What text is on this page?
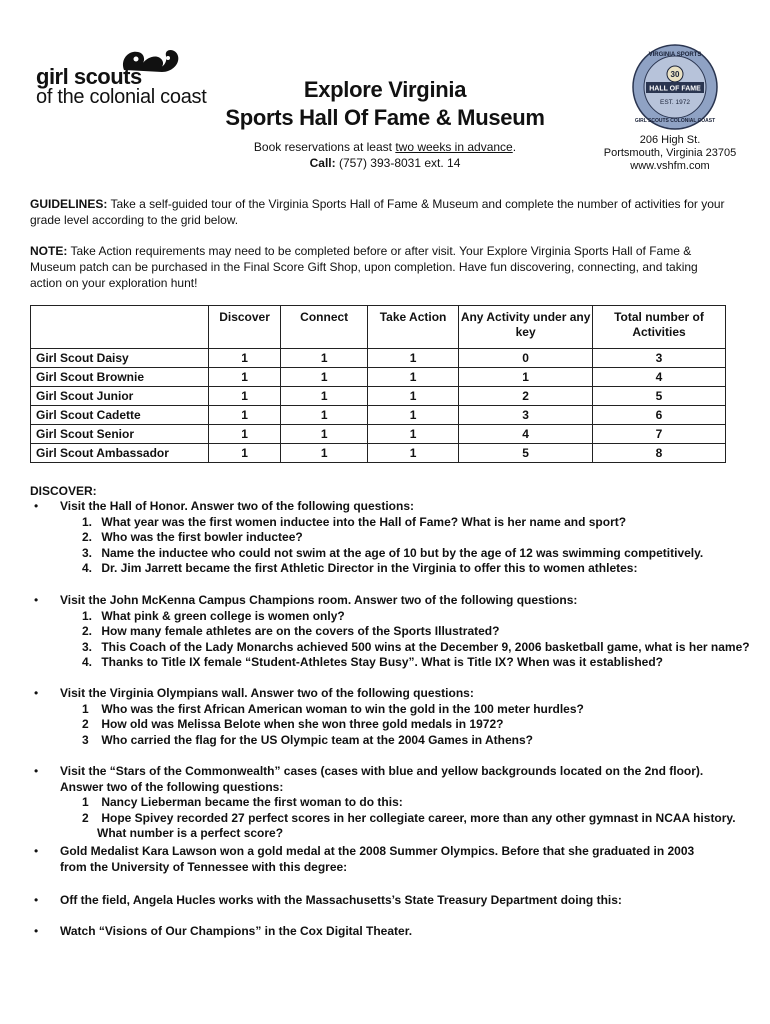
girl scouts
of the colonial coast	Explore Virginia
Sports Hall Of Fame & Museum
Book reservations at least two weeks in advance.
Call: (757) 393-8031 ext. 14
VIRGINIA SPORTS
30
HALL OF FAME
EST. 1972
GIRL SCOUTS COLONIAL COAST
206 High St.
Portsmouth, Virginia 23705
www.vshfm.com
GUIDELINES: Take a self-guided tour of the Virginia Sports Hall of Fame & Museum and complete the number of activities for your grade level according to the grid below.
NOTE: Take Action requirements may need to be completed before or after visit. Your Explore Virginia Sports Hall of Fame & Museum patch can be purchased in the Final Score Gift Shop, upon completion. Have fun discovering, connecting, and taking action on your exploration hunt!
	Discover	Connect	Take Action	Any Activity under any key	Total number of Activities
Girl Scout Daisy	1	1	1	0	3
Girl Scout Brownie	1	1	1	1	4
Girl Scout Junior	1	1	1	2	5
Girl Scout Cadette	1	1	1	3	6
Girl Scout Senior	1	1	1	4	7
Girl Scout Ambassador	1	1	1	5	8
DISCOVER:
• Visit the Hall of Honor. Answer two of the following questions:
1. What year was the first women inductee into the Hall of Fame? What is her name and sport?
2. Who was the first bowler inductee?
3. Name the inductee who could not swim at the age of 10 but by the age of 12 was swimming competitively.
4. Dr. Jim Jarrett became the first Athletic Director in the Virginia to offer this to women athletes:
• Visit the John McKenna Campus Champions room. Answer two of the following questions:
1. What pink & green college is women only?
2. How many female athletes are on the covers of the Sports Illustrated?
3. This Coach of the Lady Monarchs achieved 500 wins at the December 9, 2006 basketball game, what is her name?
4. Thanks to Title IX female “Student-Athletes Stay Busy”. What is Title IX? When was it established?
• Visit the Virginia Olympians wall. Answer two of the following questions:
1 Who was the first African American woman to win the gold in the 100 meter hurdles?
2 How old was Melissa Belote when she won three gold medals in 1972?
3 Who carried the flag for the US Olympic team at the 2004 Games in Athens?
• Visit the “Stars of the Commonwealth” cases (cases with blue and yellow backgrounds located on the 2nd floor).
Answer two of the following questions:
1 Nancy Lieberman became the first woman to do this:
2 Hope Spivey recorded 27 perfect scores in her collegiate career, more than any other gymnast in NCAA history.
What number is a perfect score?
• Gold Medalist Kara Lawson won a gold medal at the 2008 Summer Olympics. Before that she graduated in 2003
from the University of Tennessee with this degree:
• Off the field, Angela Hucles works with the Massachusetts’s State Treasury Department doing this:
• Watch “Visions of Our Champions” in the Cox Digital Theater.
